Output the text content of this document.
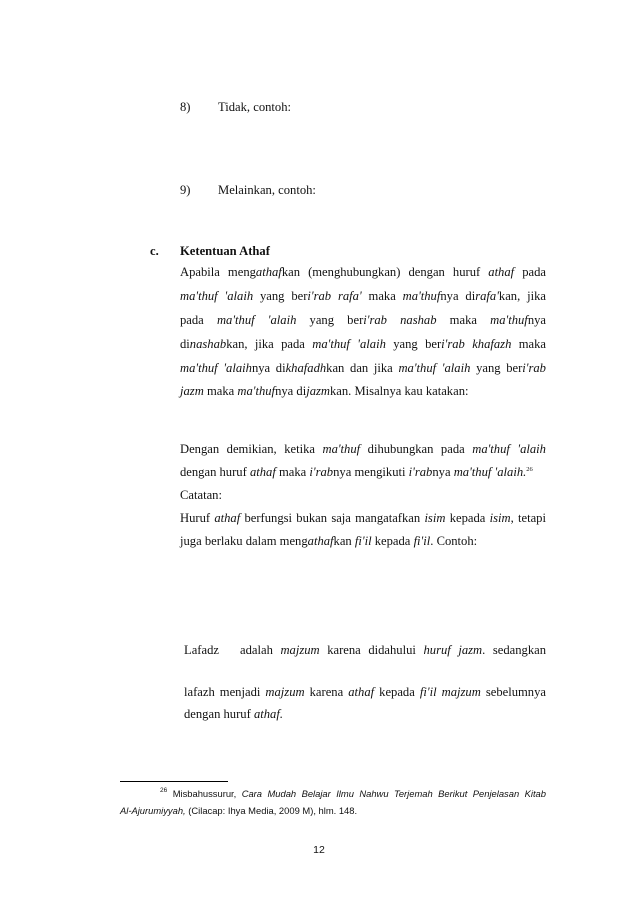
8) Tidak, contoh:
9) Melainkan, contoh:
c. Ketentuan Athaf
Apabila mengathafkan (menghubungkan) dengan huruf athaf pada
ma'thuf 'alaih yang beri'rab rafa' maka ma'thufnya dirafa'kan, jika
pada ma'thuf 'alaih yang beri'rab nashab maka ma'thufnya
dinashabkan, jika pada ma'thuf 'alaih yang beri'rab khafazh maka
ma'thuf 'alaihnya dikhafadhkan dan jika ma'thuf 'alaih yang beri'rab
jazm maka ma'thufnya dijazmkan. Misalnya kau katakan:
Dengan demikian, ketika ma'thuf dihubungkan pada ma'thuf 'alaih
dengan huruf athaf maka i'rabnya mengikuti i'rabnya ma'thuf 'alaih.$^{26}$
Catatan:
Huruf athaf berfungsi bukan saja mangatafkan isim kepada isim, tetapi
juga berlaku dalam mengathafkan fi'il kepada fi'il. Contoh:
Lafadz adalah majzum karena didahului huruf jazm. sedangkan
lafazh menjadi majzum karena athaf kepada fi'il majzum sebelumnya
dengan huruf athaf.
$^{26}$ Misbahussurur, Cara Mudah Belajar Ilmu Nahwu Terjemah Berikut Penjelasan Kitab
Al-Ajurumiyyah, (Cilacap: Ihya Media, 2009 M), hlm. 148.
12
